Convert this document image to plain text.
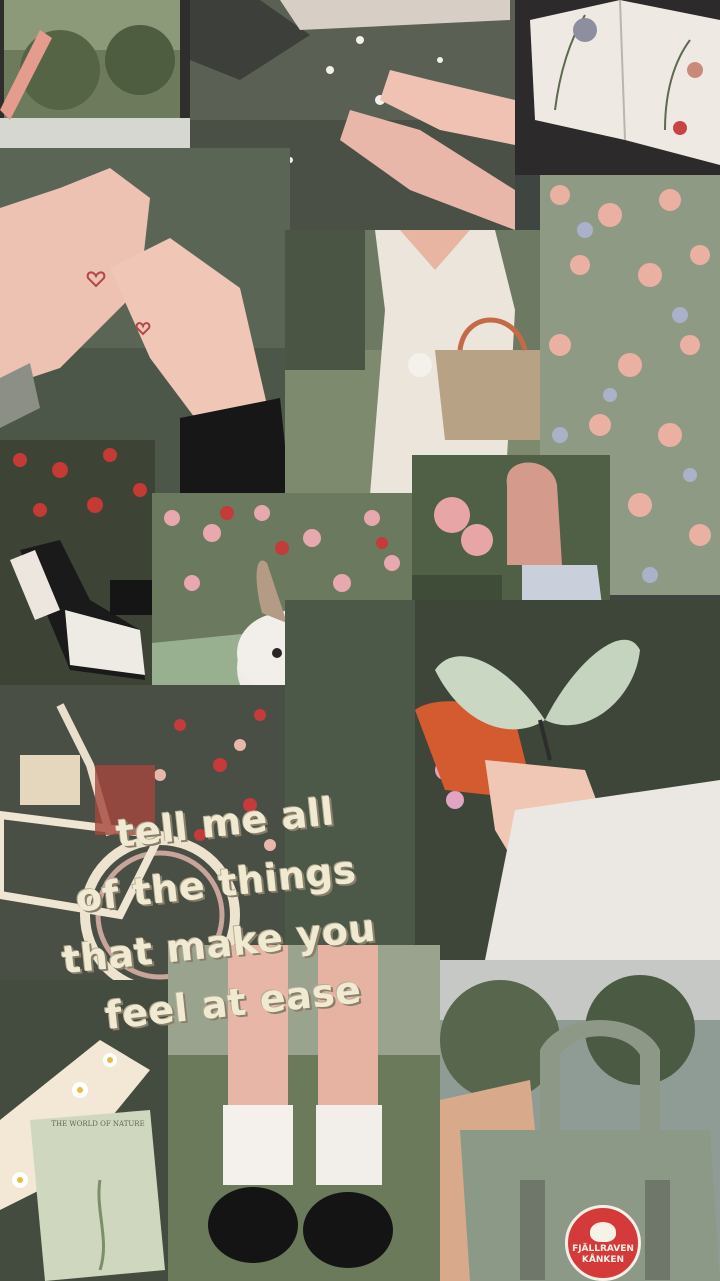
THE WORLD OF NATURE
FJÄLLRAVEN
KÅNKEN
tell me all
of the things
that make you
feel at ease
